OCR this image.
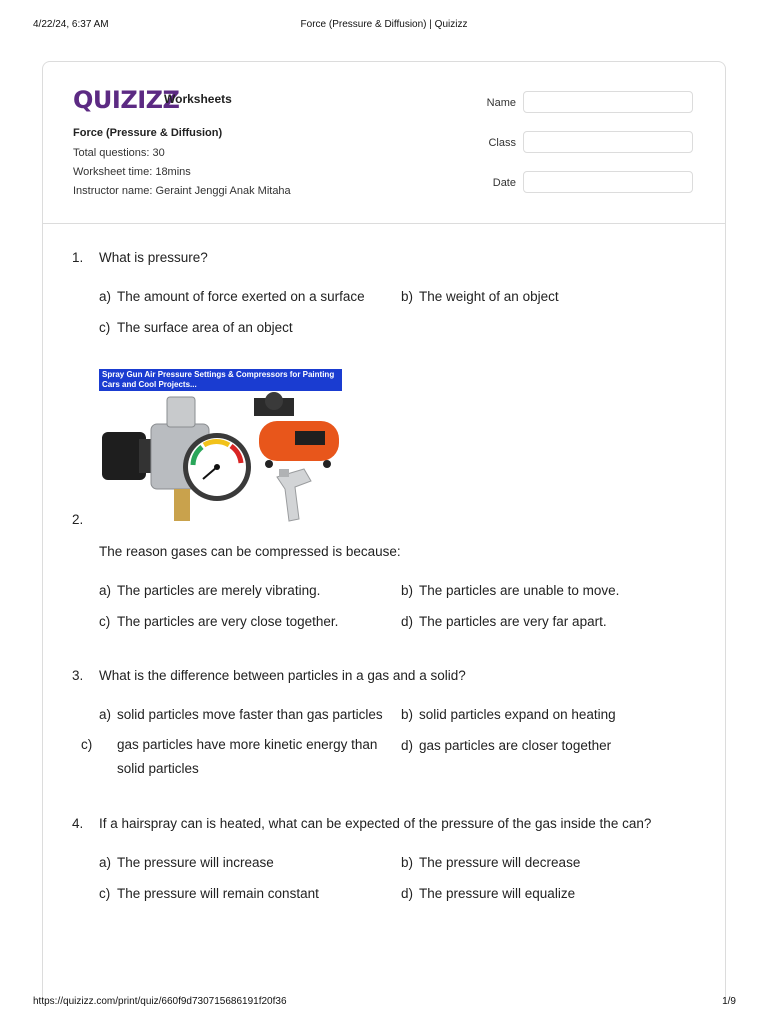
4/22/24, 6:37 AM	Force (Pressure & Diffusion) | Quizizz
QUIZIZZ
Worksheets
Force (Pressure & Diffusion)
Total questions: 30
Worksheet time: 18mins
Instructor name: Geraint Jenggi Anak Mitaha
Name
Class
Date
1. What is pressure?
a) The amount of force exerted on a surface	b) The weight of an object
c) The surface area of an object
Spray Gun Air Pressure Settings & Compressors for Painting Cars and Cool Projects...
2.
The reason gases can be compressed is because:
a) The particles are merely vibrating.	b) The particles are unable to move.
c) The particles are very close together.	d) The particles are very far apart.
3. What is the difference between particles in a gas and a solid?
a) solid particles move faster than gas particles b) solid particles expand on heating
c) gas particles have more kinetic energy than solid particles
d) gas particles are closer together
4. If a hairspray can is heated, what can be expected of the pressure of the gas inside the can?
a) The pressure will increase	b) The pressure will decrease
c) The pressure will remain constant	d) The pressure will equalize
https://quizizz.com/print/quiz/660f9d730715686191f20f36	1/9
